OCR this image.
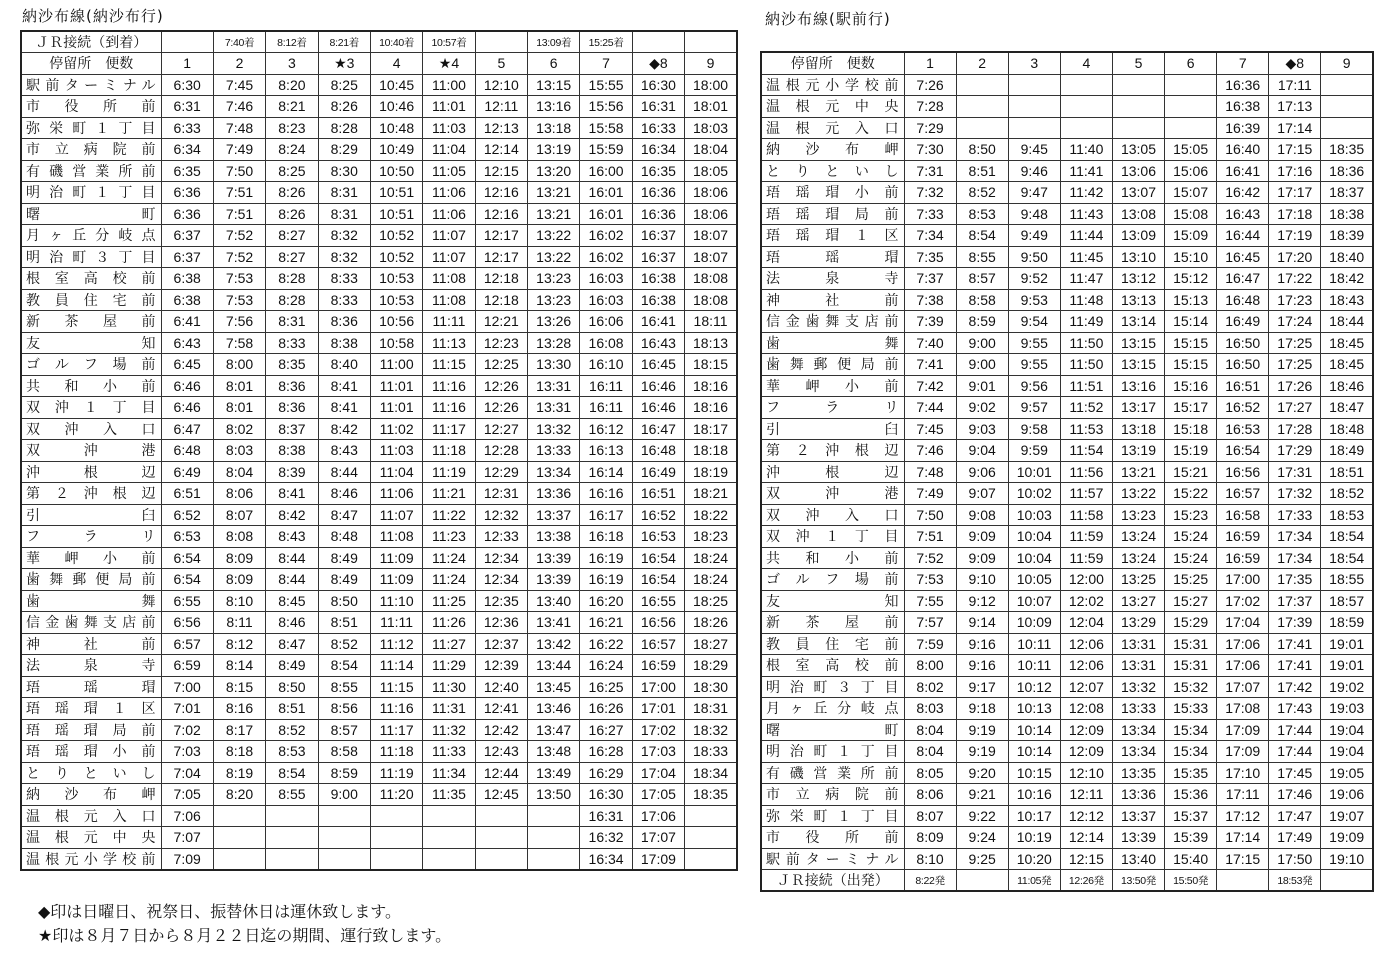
納沙布線(納沙布行)
ＪＲ接続（到着）		7:40着	8:12着	8:21着	10:40着	10:57着		13:09着	15:25着		
停留所　便数	1	2	3	★3	4	★4	5	6	7	◆8	9
駅前ターミナル	6:30	7:45	8:20	8:25	10:45	11:00	12:10	13:15	15:55	16:30	18:00
市役所前	6:31	7:46	8:21	8:26	10:46	11:01	12:11	13:16	15:56	16:31	18:01
弥栄町１丁目	6:33	7:48	8:23	8:28	10:48	11:03	12:13	13:18	15:58	16:33	18:03
市立病院前	6:34	7:49	8:24	8:29	10:49	11:04	12:14	13:19	15:59	16:34	18:04
有磯営業所前	6:35	7:50	8:25	8:30	10:50	11:05	12:15	13:20	16:00	16:35	18:05
明治町１丁目	6:36	7:51	8:26	8:31	10:51	11:06	12:16	13:21	16:01	16:36	18:06
曙町	6:36	7:51	8:26	8:31	10:51	11:06	12:16	13:21	16:01	16:36	18:06
月ヶ丘分岐点	6:37	7:52	8:27	8:32	10:52	11:07	12:17	13:22	16:02	16:37	18:07
明治町３丁目	6:37	7:52	8:27	8:32	10:52	11:07	12:17	13:22	16:02	16:37	18:07
根室高校前	6:38	7:53	8:28	8:33	10:53	11:08	12:18	13:23	16:03	16:38	18:08
教員住宅前	6:38	7:53	8:28	8:33	10:53	11:08	12:18	13:23	16:03	16:38	18:08
新茶屋前	6:41	7:56	8:31	8:36	10:56	11:11	12:21	13:26	16:06	16:41	18:11
友知	6:43	7:58	8:33	8:38	10:58	11:13	12:23	13:28	16:08	16:43	18:13
ゴルフ場前	6:45	8:00	8:35	8:40	11:00	11:15	12:25	13:30	16:10	16:45	18:15
共和小前	6:46	8:01	8:36	8:41	11:01	11:16	12:26	13:31	16:11	16:46	18:16
双沖１丁目	6:46	8:01	8:36	8:41	11:01	11:16	12:26	13:31	16:11	16:46	18:16
双沖入口	6:47	8:02	8:37	8:42	11:02	11:17	12:27	13:32	16:12	16:47	18:17
双沖港	6:48	8:03	8:38	8:43	11:03	11:18	12:28	13:33	16:13	16:48	18:18
沖根辺	6:49	8:04	8:39	8:44	11:04	11:19	12:29	13:34	16:14	16:49	18:19
第２沖根辺	6:51	8:06	8:41	8:46	11:06	11:21	12:31	13:36	16:16	16:51	18:21
引臼	6:52	8:07	8:42	8:47	11:07	11:22	12:32	13:37	16:17	16:52	18:22
フラリ	6:53	8:08	8:43	8:48	11:08	11:23	12:33	13:38	16:18	16:53	18:23
華岬小前	6:54	8:09	8:44	8:49	11:09	11:24	12:34	13:39	16:19	16:54	18:24
歯舞郵便局前	6:54	8:09	8:44	8:49	11:09	11:24	12:34	13:39	16:19	16:54	18:24
歯舞	6:55	8:10	8:45	8:50	11:10	11:25	12:35	13:40	16:20	16:55	18:25
信金歯舞支店前	6:56	8:11	8:46	8:51	11:11	11:26	12:36	13:41	16:21	16:56	18:26
神社前	6:57	8:12	8:47	8:52	11:12	11:27	12:37	13:42	16:22	16:57	18:27
法泉寺	6:59	8:14	8:49	8:54	11:14	11:29	12:39	13:44	16:24	16:59	18:29
珸瑶瑁	7:00	8:15	8:50	8:55	11:15	11:30	12:40	13:45	16:25	17:00	18:30
珸瑶瑁１区	7:01	8:16	8:51	8:56	11:16	11:31	12:41	13:46	16:26	17:01	18:31
珸瑶瑁局前	7:02	8:17	8:52	8:57	11:17	11:32	12:42	13:47	16:27	17:02	18:32
珸瑶瑁小前	7:03	8:18	8:53	8:58	11:18	11:33	12:43	13:48	16:28	17:03	18:33
とりといし	7:04	8:19	8:54	8:59	11:19	11:34	12:44	13:49	16:29	17:04	18:34
納沙布岬	7:05	8:20	8:55	9:00	11:20	11:35	12:45	13:50	16:30	17:05	18:35
温根元入口	7:06								16:31	17:06	
温根元中央	7:07								16:32	17:07	
温根元小学校前	7:09								16:34	17:09	
納沙布線(駅前行)
停留所　便数	1	2	3	4	5	6	7	◆8	9
温根元小学校前	7:26						16:36	17:11	
温根元中央	7:28						16:38	17:13	
温根元入口	7:29						16:39	17:14	
納沙布岬	7:30	8:50	9:45	11:40	13:05	15:05	16:40	17:15	18:35
とりといし	7:31	8:51	9:46	11:41	13:06	15:06	16:41	17:16	18:36
珸瑶瑁小前	7:32	8:52	9:47	11:42	13:07	15:07	16:42	17:17	18:37
珸瑶瑁局前	7:33	8:53	9:48	11:43	13:08	15:08	16:43	17:18	18:38
珸瑶瑁１区	7:34	8:54	9:49	11:44	13:09	15:09	16:44	17:19	18:39
珸瑶瑁	7:35	8:55	9:50	11:45	13:10	15:10	16:45	17:20	18:40
法泉寺	7:37	8:57	9:52	11:47	13:12	15:12	16:47	17:22	18:42
神社前	7:38	8:58	9:53	11:48	13:13	15:13	16:48	17:23	18:43
信金歯舞支店前	7:39	8:59	9:54	11:49	13:14	15:14	16:49	17:24	18:44
歯舞	7:40	9:00	9:55	11:50	13:15	15:15	16:50	17:25	18:45
歯舞郵便局前	7:41	9:00	9:55	11:50	13:15	15:15	16:50	17:25	18:45
華岬小前	7:42	9:01	9:56	11:51	13:16	15:16	16:51	17:26	18:46
フラリ	7:44	9:02	9:57	11:52	13:17	15:17	16:52	17:27	18:47
引臼	7:45	9:03	9:58	11:53	13:18	15:18	16:53	17:28	18:48
第２沖根辺	7:46	9:04	9:59	11:54	13:19	15:19	16:54	17:29	18:49
沖根辺	7:48	9:06	10:01	11:56	13:21	15:21	16:56	17:31	18:51
双沖港	7:49	9:07	10:02	11:57	13:22	15:22	16:57	17:32	18:52
双沖入口	7:50	9:08	10:03	11:58	13:23	15:23	16:58	17:33	18:53
双沖１丁目	7:51	9:09	10:04	11:59	13:24	15:24	16:59	17:34	18:54
共和小前	7:52	9:09	10:04	11:59	13:24	15:24	16:59	17:34	18:54
ゴルフ場前	7:53	9:10	10:05	12:00	13:25	15:25	17:00	17:35	18:55
友知	7:55	9:12	10:07	12:02	13:27	15:27	17:02	17:37	18:57
新茶屋前	7:57	9:14	10:09	12:04	13:29	15:29	17:04	17:39	18:59
教員住宅前	7:59	9:16	10:11	12:06	13:31	15:31	17:06	17:41	19:01
根室高校前	8:00	9:16	10:11	12:06	13:31	15:31	17:06	17:41	19:01
明治町３丁目	8:02	9:17	10:12	12:07	13:32	15:32	17:07	17:42	19:02
月ヶ丘分岐点	8:03	9:18	10:13	12:08	13:33	15:33	17:08	17:43	19:03
曙町	8:04	9:19	10:14	12:09	13:34	15:34	17:09	17:44	19:04
明治町１丁目	8:04	9:19	10:14	12:09	13:34	15:34	17:09	17:44	19:04
有磯営業所前	8:05	9:20	10:15	12:10	13:35	15:35	17:10	17:45	19:05
市立病院前	8:06	9:21	10:16	12:11	13:36	15:36	17:11	17:46	19:06
弥栄町１丁目	8:07	9:22	10:17	12:12	13:37	15:37	17:12	17:47	19:07
市役所前	8:09	9:24	10:19	12:14	13:39	15:39	17:14	17:49	19:09
駅前ターミナル	8:10	9:25	10:20	12:15	13:40	15:40	17:15	17:50	19:10
ＪＲ接続（出発）	8:22発		11:05発	12:26発	13:50発	15:50発		18:53発	
◆印は日曜日、祝祭日、振替休日は運休致します。
★印は８月７日から８月２２日迄の期間、運行致します。
